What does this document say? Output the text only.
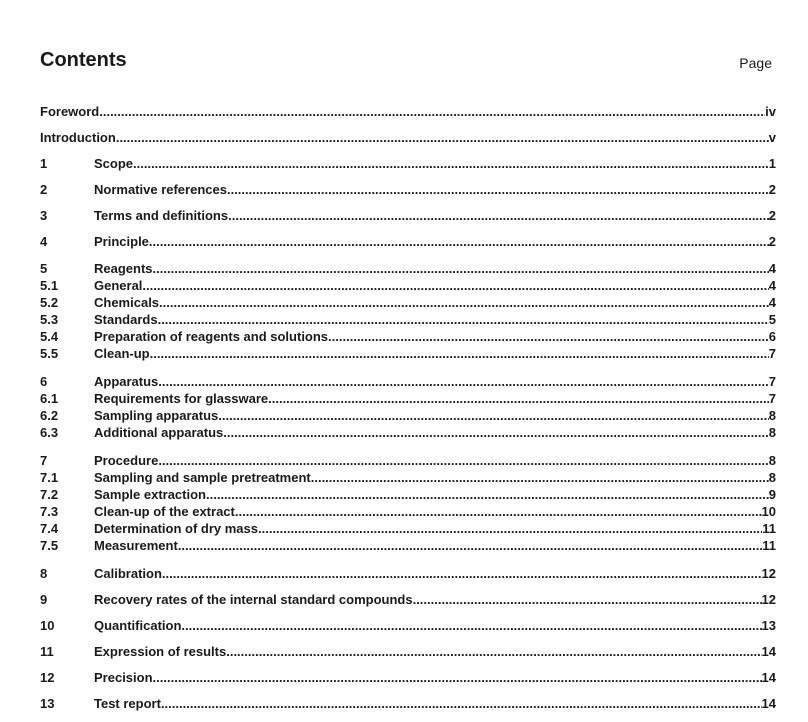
Contents	Page
Foreword .....	iv
Introduction .....	v
1	Scope .....	1
2	Normative references .....	2
3	Terms and definitions .....	2
4	Principle .....	2
5	Reagents .....	4
5.1	General .....	4
5.2	Chemicals .....	4
5.3	Standards .....	5
5.4	Preparation of reagents and solutions .....	6
5.5	Clean-up .....	7
6	Apparatus .....	7
6.1	Requirements for glassware .....	7
6.2	Sampling apparatus .....	8
6.3	Additional apparatus .....	8
7	Procedure .....	8
7.1	Sampling and sample pretreatment .....	8
7.2	Sample extraction .....	9
7.3	Clean-up of the extract .....	10
7.4	Determination of dry mass .....	11
7.5	Measurement .....	11
8	Calibration .....	12
9	Recovery rates of the internal standard compounds .....	12
10	Quantification .....	13
11	Expression of results .....	14
12	Precision .....	14
13	Test report .....	14
